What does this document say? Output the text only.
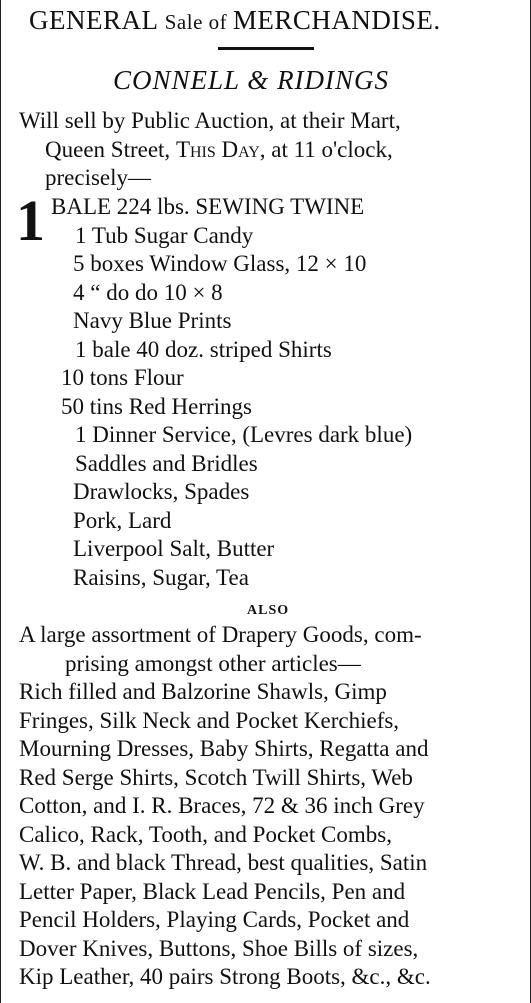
GENERAL Sale of MERCHANDISE.
CONNELL & RIDINGS
Will sell by Public Auction, at their Mart,
Queen Street, This Day, at 11 o'clock,
precisely—
1 BALE 224 lbs. SEWING TWINE
1 Tub Sugar Candy
5 boxes Window Glass, 12 × 10
4 “ do do 10 × 8
Navy Blue Prints
1 bale 40 doz. striped Shirts
10 tons Flour
50 tins Red Herrings
1 Dinner Service, (Levres dark blue)
Saddles and Bridles
Drawlocks, Spades
Pork, Lard
Liverpool Salt, Butter
Raisins, Sugar, Tea
ALSO
A large assortment of Drapery Goods, com-
prising amongst other articles—
Rich filled and Balzorine Shawls, Gimp
Fringes, Silk Neck and Pocket Kerchiefs,
Mourning Dresses, Baby Shirts, Regatta and
Red Serge Shirts, Scotch Twill Shirts, Web
Cotton, and I. R. Braces, 72 & 36 inch Grey
Calico, Rack, Tooth, and Pocket Combs,
W. B. and black Thread, best qualities, Satin
Letter Paper, Black Lead Pencils, Pen and
Pencil Holders, Playing Cards, Pocket and
Dover Knives, Buttons, Shoe Bills of sizes,
Kip Leather, 40 pairs Strong Boots, &c., &c.
